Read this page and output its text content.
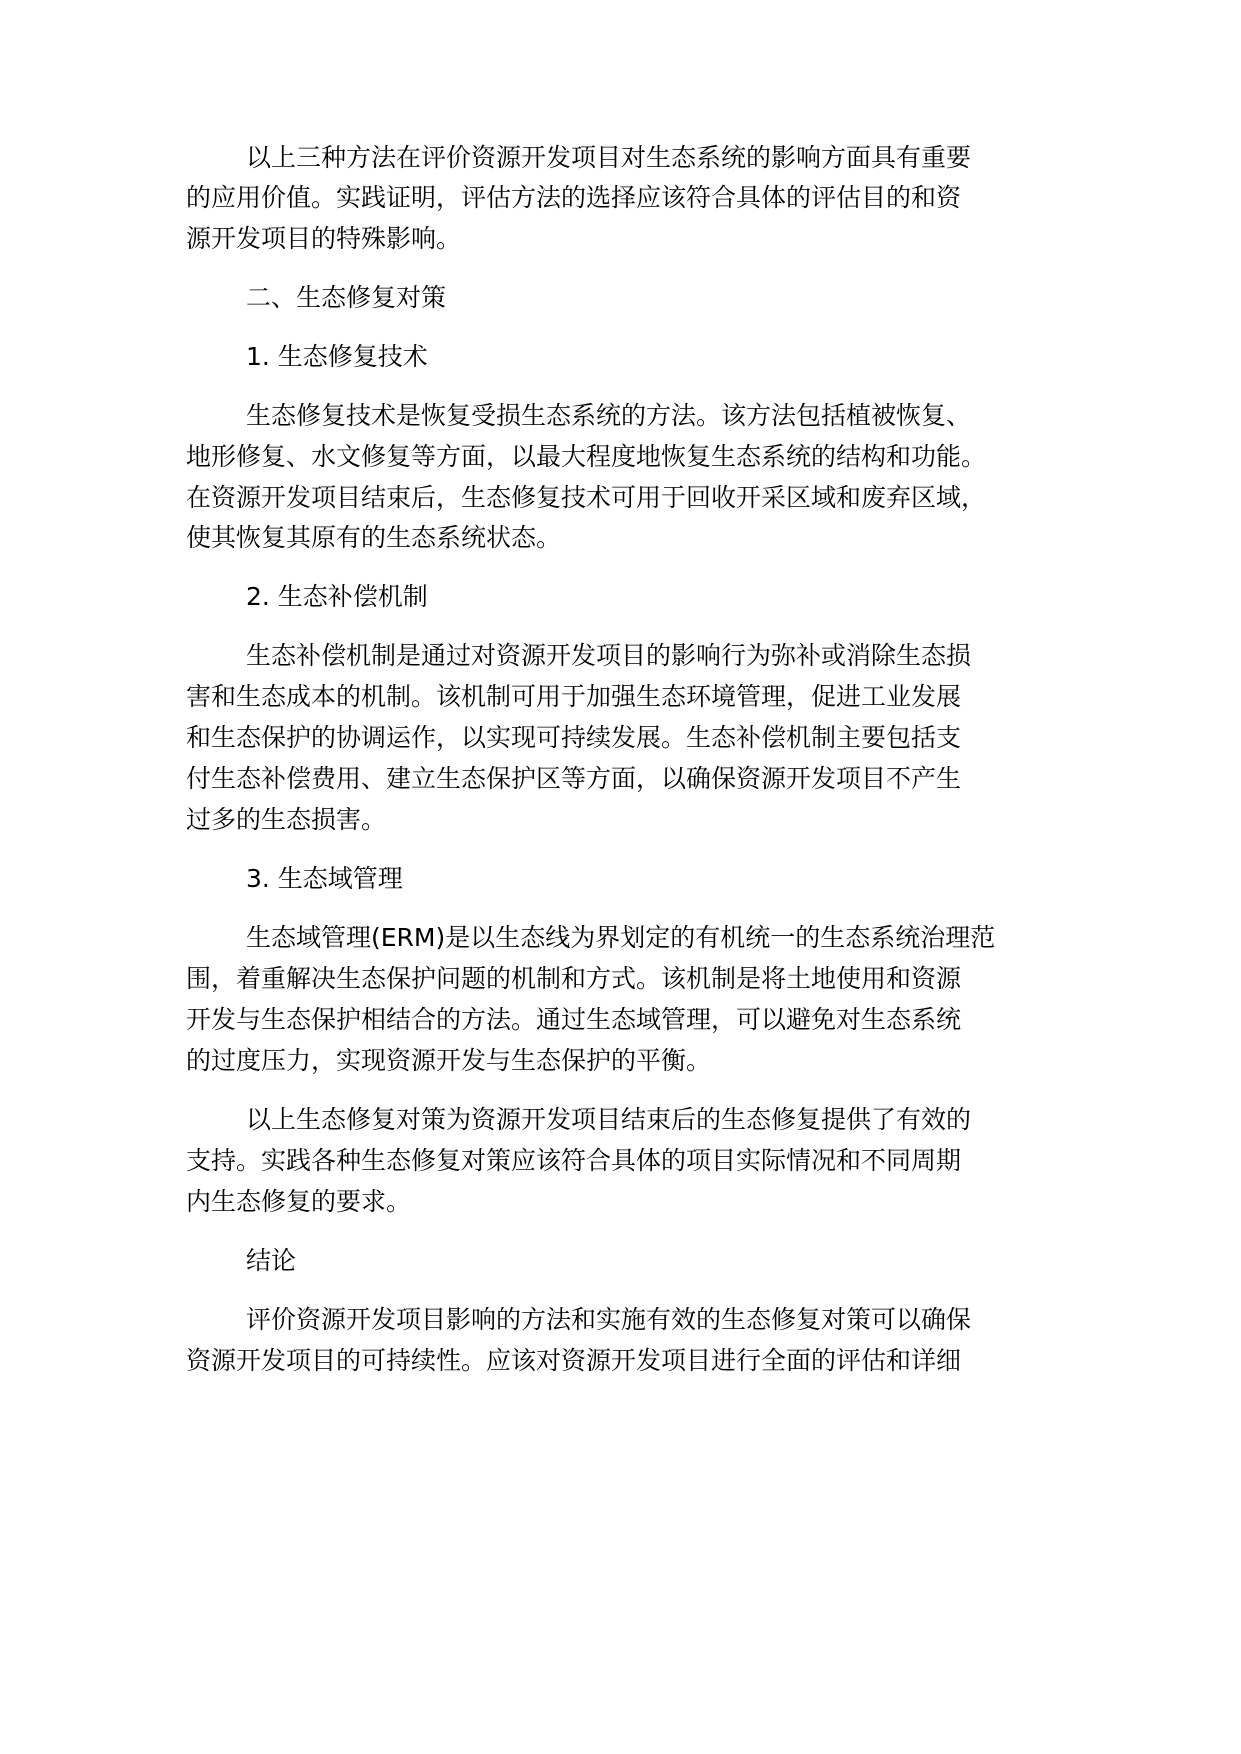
以上三种方法在评价资源开发项目对生态系统的影响方面具有重要

的应用价值。实践证明，评估方法的选择应该符合具体的评估目的和资

源开发项目的特殊影响。

二、生态修复对策

1. 生态修复技术

生态修复技术是恢复受损生态系统的方法。该方法包括植被恢复、

地形修复、水文修复等方面，以最大程度地恢复生态系统的结构和功能。

在资源开发项目结束后，生态修复技术可用于回收开采区域和废弃区域，

使其恢复其原有的生态系统状态。

2. 生态补偿机制

生态补偿机制是通过对资源开发项目的影响行为弥补或消除生态损

害和生态成本的机制。该机制可用于加强生态环境管理，促进工业发展

和生态保护的协调运作，以实现可持续发展。生态补偿机制主要包括支

付生态补偿费用、建立生态保护区等方面，以确保资源开发项目不产生

过多的生态损害。

3. 生态域管理

生态域管理(ERM)是以生态线为界划定的有机统一的生态系统治理范

围，着重解决生态保护问题的机制和方式。该机制是将土地使用和资源

开发与生态保护相结合的方法。通过生态域管理，可以避免对生态系统

的过度压力，实现资源开发与生态保护的平衡。

以上生态修复对策为资源开发项目结束后的生态修复提供了有效的

支持。实践各种生态修复对策应该符合具体的项目实际情况和不同周期

内生态修复的要求。

结论

评价资源开发项目影响的方法和实施有效的生态修复对策可以确保

资源开发项目的可持续性。应该对资源开发项目进行全面的评估和详细
